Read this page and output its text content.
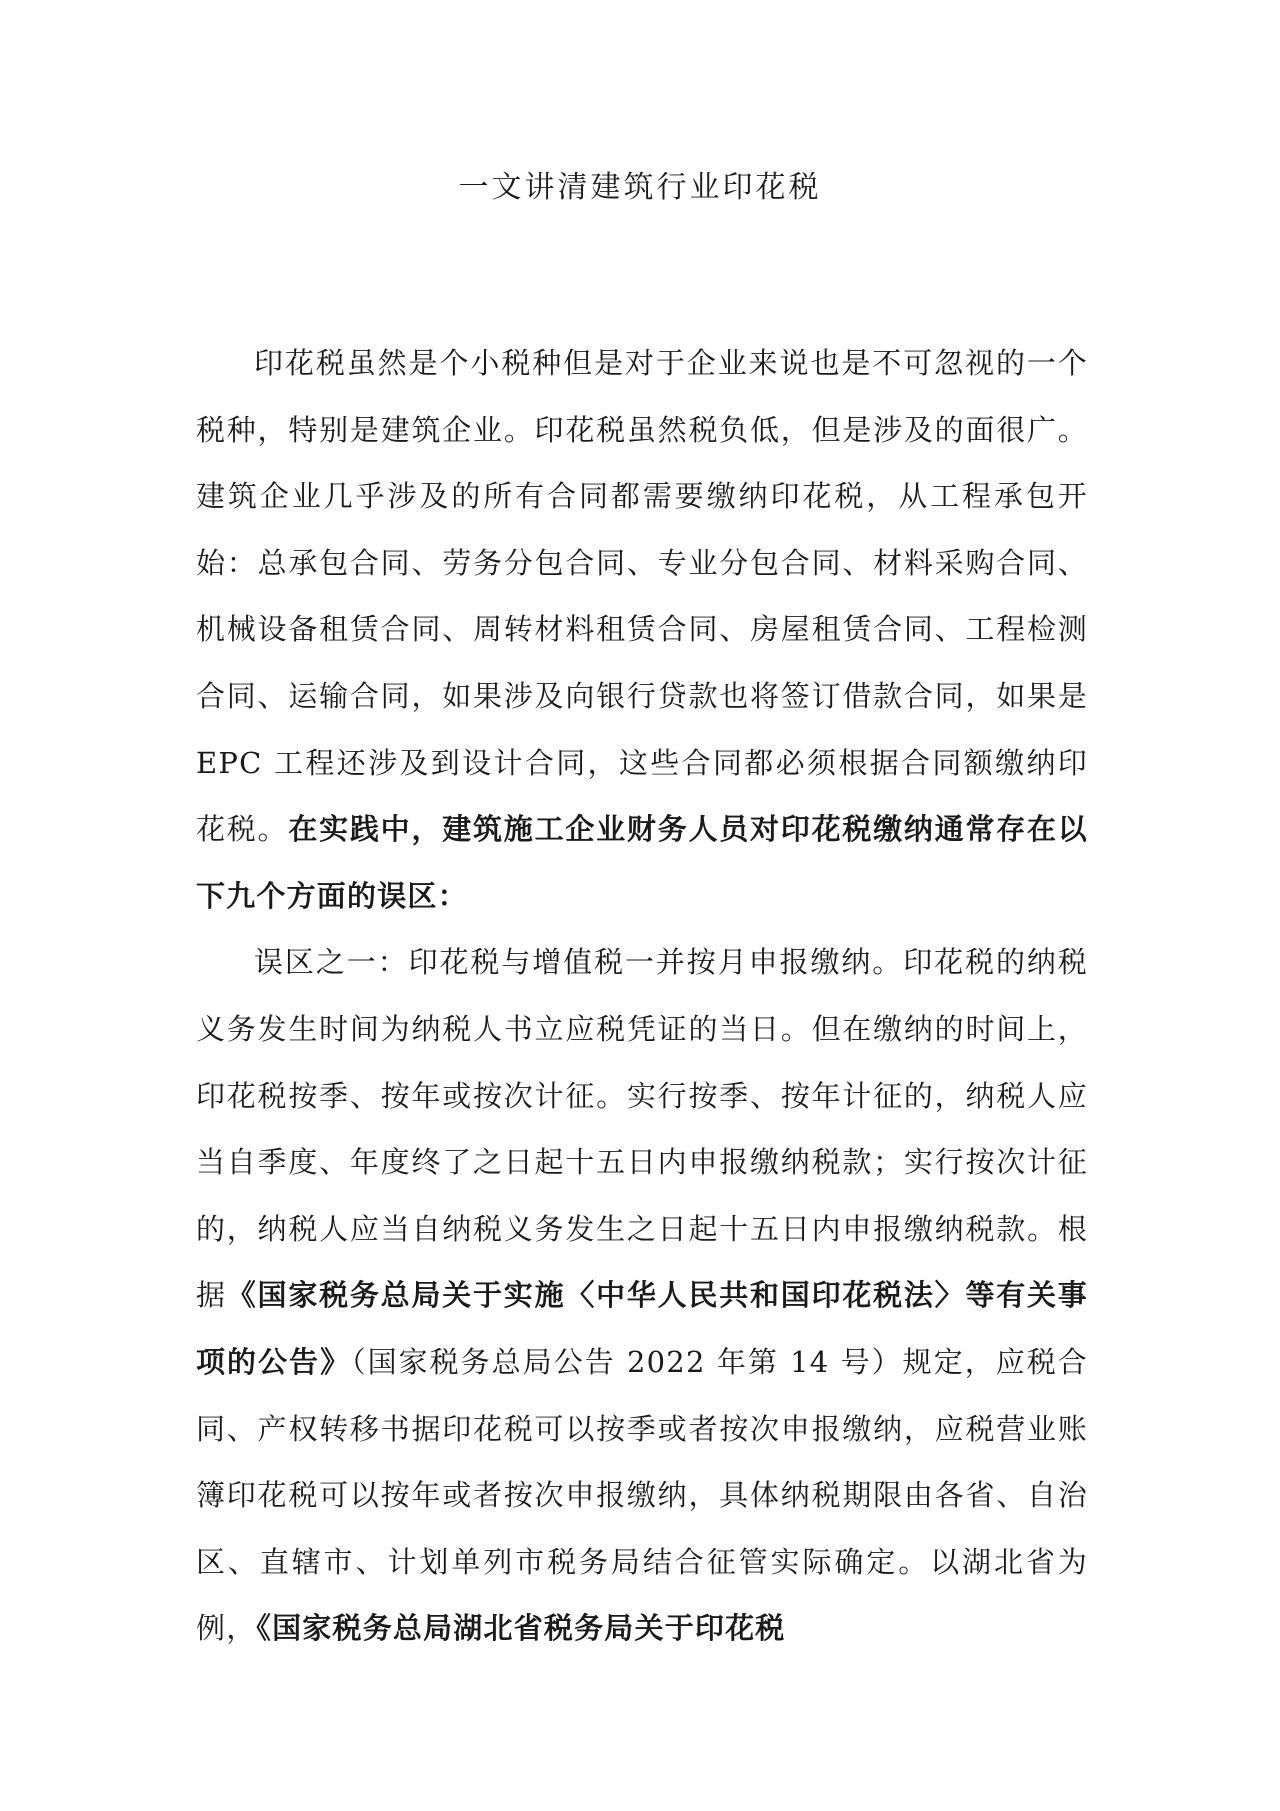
一文讲清建筑行业印花税

印花税虽然是个小税种但是对于企业来说也是不可忽视的一个税种，特别是建筑企业。印花税虽然税负低，但是涉及的面很广。建筑企业几乎涉及的所有合同都需要缴纳印花税，从工程承包开始：总承包合同、劳务分包合同、专业分包合同、材料采购合同、机械设备租赁合同、周转材料租赁合同、房屋租赁合同、工程检测合同、运输合同，如果涉及向银行贷款也将签订借款合同，如果是 EPC 工程还涉及到设计合同，这些合同都必须根据合同额缴纳印花税。在实践中，建筑施工企业财务人员对印花税缴纳通常存在以下九个方面的误区：

误区之一：印花税与增值税一并按月申报缴纳。印花税的纳税义务发生时间为纳税人书立应税凭证的当日。但在缴纳的时间上，印花税按季、按年或按次计征。实行按季、按年计征的，纳税人应当自季度、年度终了之日起十五日内申报缴纳税款；实行按次计征的，纳税人应当自纳税义务发生之日起十五日内申报缴纳税款。根据《国家税务总局关于实施〈中华人民共和国印花税法〉等有关事项的公告》（国家税务总局公告 2022 年第 14 号）规定，应税合同、产权转移书据印花税可以按季或者按次申报缴纳，应税营业账簿印花税可以按年或者按次申报缴纳，具体纳税期限由各省、自治区、直辖市、计划单列市税务局结合征管实际确定。以湖北省为例，《国家税务总局湖北省税务局关于印花税
